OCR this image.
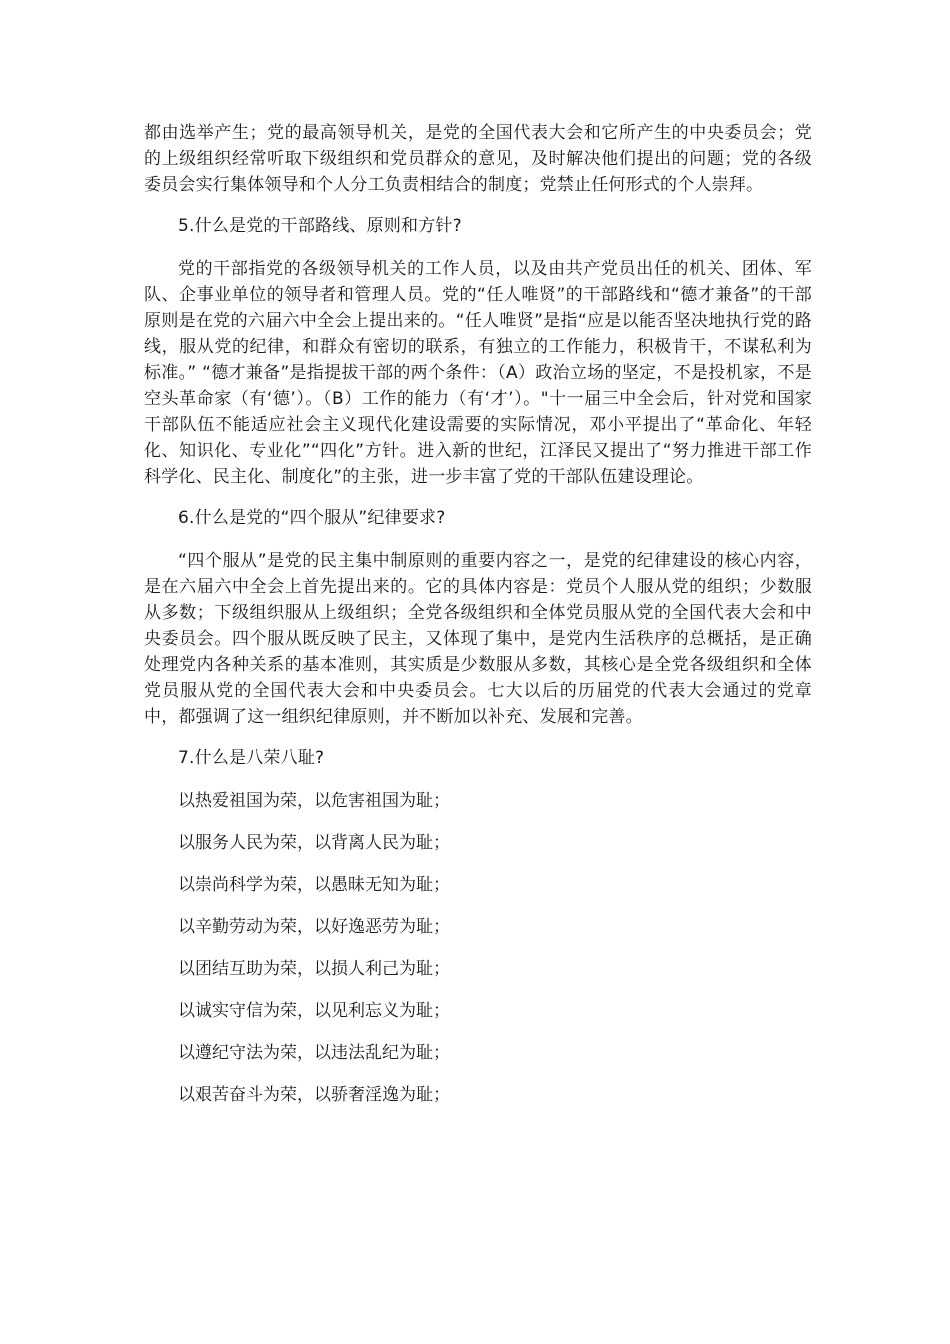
都由选举产生；党的最高领导机关，是党的全国代表大会和它所产生的中央委员会；党的上级组织经常听取下级组织和党员群众的意见，及时解决他们提出的问题；党的各级委员会实行集体领导和个人分工负责相结合的制度；党禁止任何形式的个人崇拜。

5.什么是党的干部路线、原则和方针?

党的干部指党的各级领导机关的工作人员，以及由共产党员出任的机关、团体、军队、企事业单位的领导者和管理人员。党的“任人唯贤”的干部路线和“德才兼备”的干部原则是在党的六届六中全会上提出来的。“任人唯贤”是指“应是以能否坚决地执行党的路线，服从党的纪律，和群众有密切的联系，有独立的工作能力，积极肯干，不谋私利为标准。” “德才兼备”是指提拔干部的两个条件：（A）政治立场的坚定，不是投机家，不是空头革命家（有‘德’）。（B）工作的能力（有‘才’）。"十一届三中全会后，针对党和国家干部队伍不能适应社会主义现代化建设需要的实际情况，邓小平提出了“革命化、年轻化、知识化、专业化”“四化”方针。进入新的世纪，江泽民又提出了“努力推进干部工作科学化、民主化、制度化”的主张，进一步丰富了党的干部队伍建设理论。

6.什么是党的“四个服从”纪律要求?

“四个服从”是党的民主集中制原则的重要内容之一，是党的纪律建设的核心内容，是在六届六中全会上首先提出来的。它的具体内容是：党员个人服从党的组织；少数服从多数；下级组织服从上级组织；全党各级组织和全体党员服从党的全国代表大会和中央委员会。四个服从既反映了民主，又体现了集中，是党内生活秩序的总概括，是正确处理党内各种关系的基本准则，其实质是少数服从多数，其核心是全党各级组织和全体党员服从党的全国代表大会和中央委员会。七大以后的历届党的代表大会通过的党章中，都强调了这一组织纪律原则，并不断加以补充、发展和完善。

7.什么是八荣八耻?

以热爱祖国为荣，以危害祖国为耻；

以服务人民为荣，以背离人民为耻；

以崇尚科学为荣，以愚昧无知为耻；

以辛勤劳动为荣，以好逸恶劳为耻；

以团结互助为荣，以损人利己为耻；

以诚实守信为荣，以见利忘义为耻；

以遵纪守法为荣，以违法乱纪为耻；

以艰苦奋斗为荣，以骄奢淫逸为耻；
